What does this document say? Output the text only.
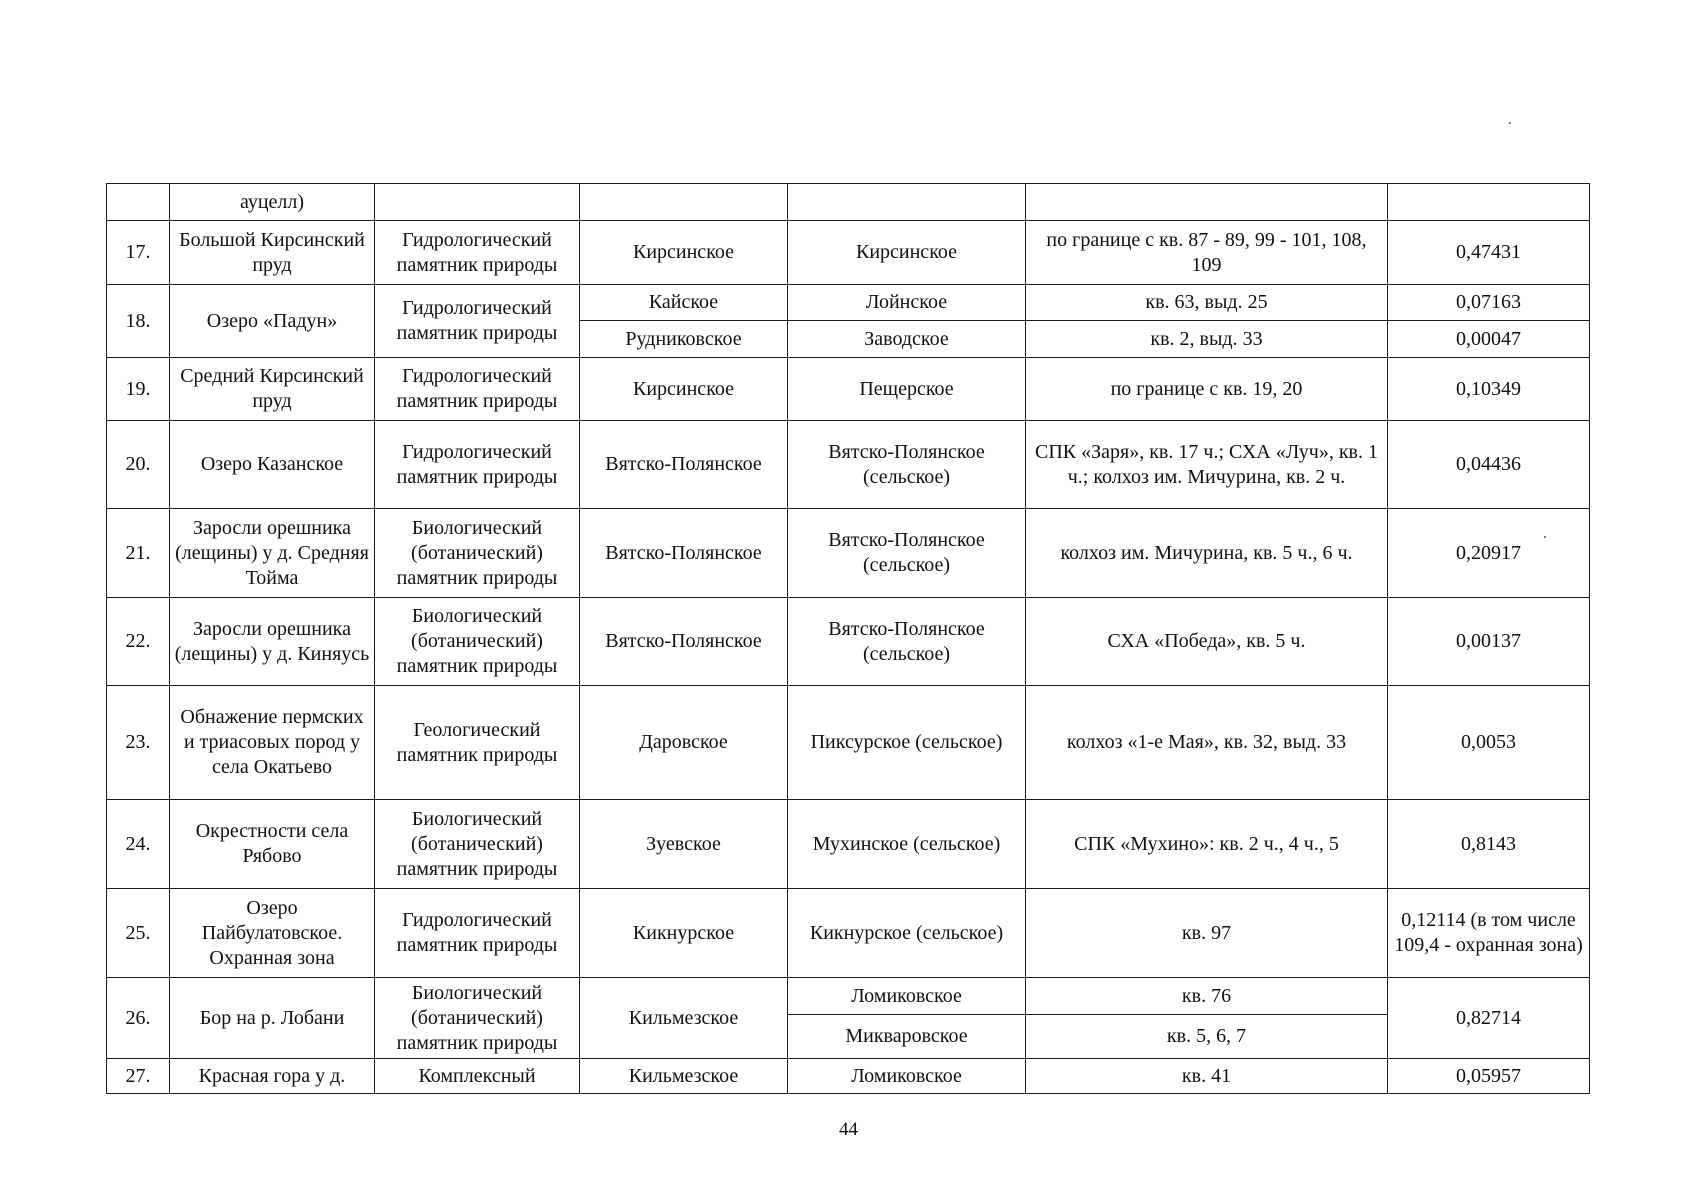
	ауцелл)					
17.	Большой Кирсинский пруд	Гидрологический памятник природы	Кирсинское	Кирсинское	по границе с кв. 87 - 89, 99 - 101, 108, 109	0,47431
18.	Озеро «Падун»	Гидрологический памятник природы	Кайское	Лойнское	кв. 63, выд. 25	0,07163
			Рудниковское	Заводское	кв. 2, выд. 33	0,00047
19.	Средний Кирсинский пруд	Гидрологический памятник природы	Кирсинское	Пещерское	по границе с кв. 19, 20	0,10349
20.	Озеро Казанское	Гидрологический памятник природы	Вятско-Полянское	Вятско-Полянское (сельское)	СПК «Заря», кв. 17 ч.; СХА «Луч», кв. 1 ч.; колхоз им. Мичурина, кв. 2 ч.	0,04436
21.	Заросли орешника (лещины) у д. Средняя Тойма	Биологический (ботанический) памятник природы	Вятско-Полянское	Вятско-Полянское (сельское)	колхоз им. Мичурина, кв. 5 ч., 6 ч.	0,20917
22.	Заросли орешника (лещины) у д. Киняусь	Биологический (ботанический) памятник природы	Вятско-Полянское	Вятско-Полянское (сельское)	СХА «Победа», кв. 5 ч.	0,00137
23.	Обнажение пермских и триасовых пород у села Окатьево	Геологический памятник природы	Даровское	Пиксурское (сельское)	колхоз «1-е Мая», кв. 32, выд. 33	0,0053
24.	Окрестности села Рябово	Биологический (ботанический) памятник природы	Зуевское	Мухинское (сельское)	СПК «Мухино»: кв. 2 ч., 4 ч., 5	0,8143
25.	Озеро Пайбулатовское. Охранная зона	Гидрологический памятник природы	Кикнурское	Кикнурское (сельское)	кв. 97	0,12114 (в том числе 109,4 - охранная зона)
26.	Бор на р. Лобани	Биологический (ботанический) памятник природы	Кильмезское	Ломиковское	кв. 76	0,82714
				Микваровское	кв. 5, 6, 7	
27.	Красная гора у д.	Комплексный	Кильмезское	Ломиковское	кв. 41	0,05957
44
